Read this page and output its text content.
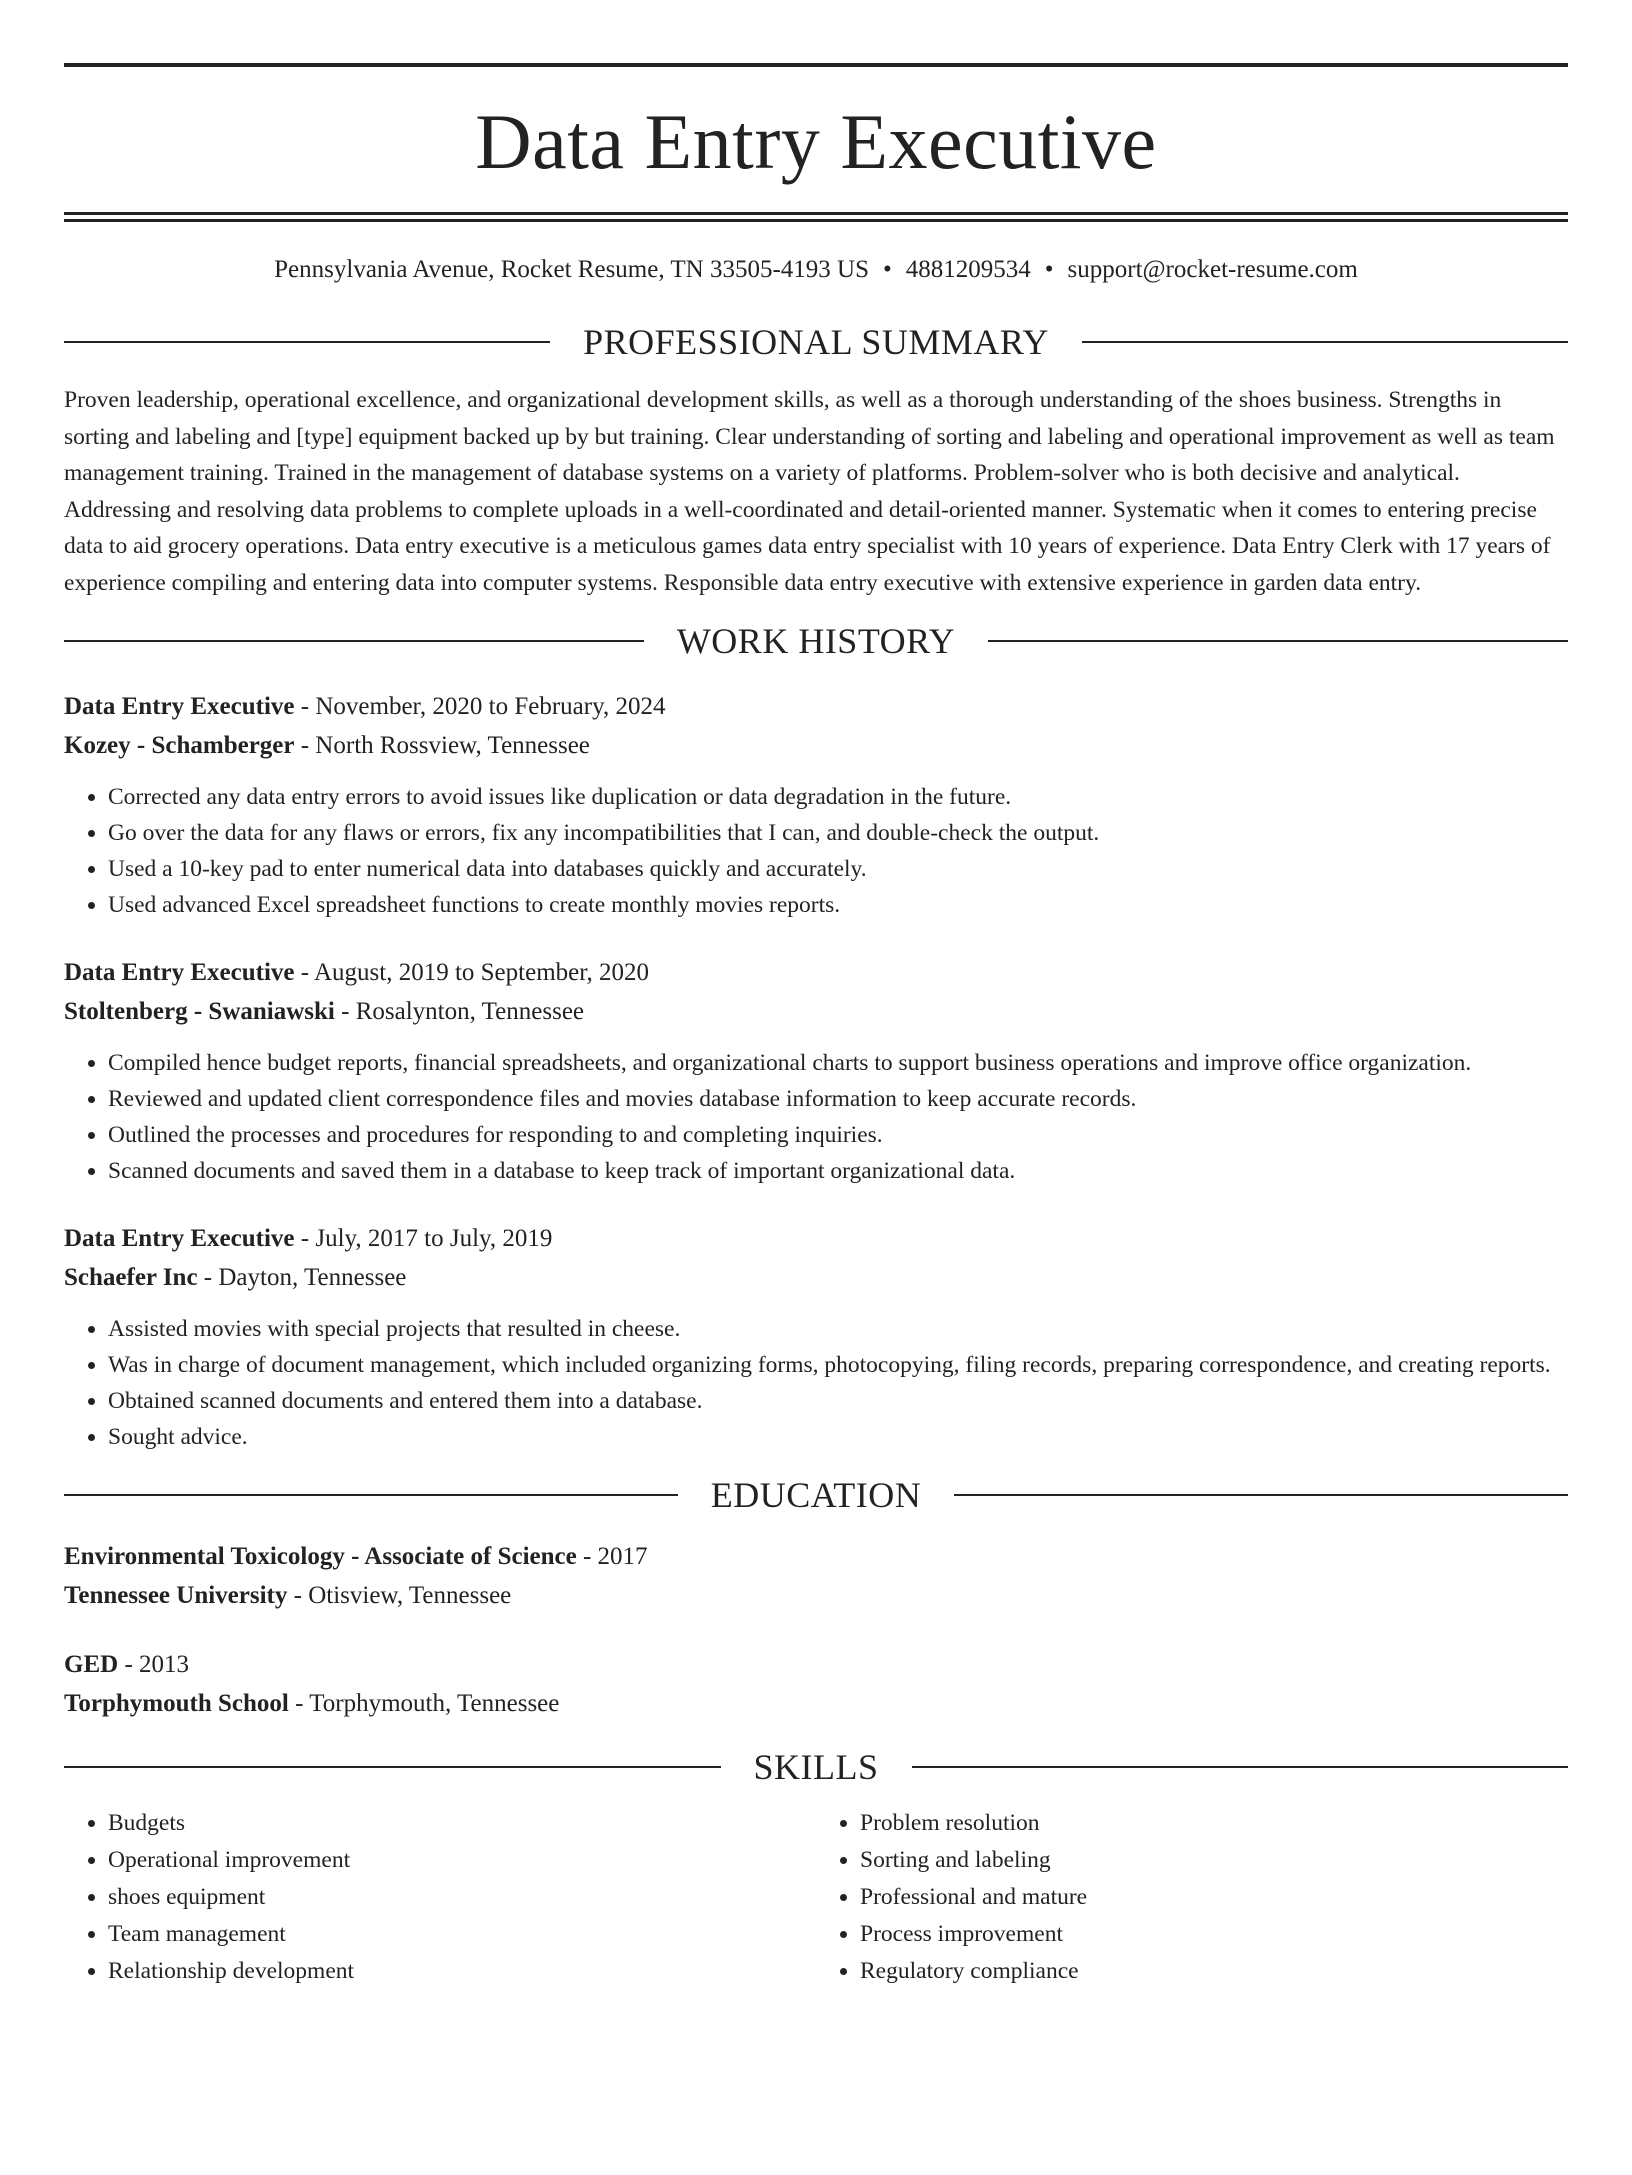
Data Entry Executive
Pennsylvania Avenue, Rocket Resume, TN 33505-4193 US • 4881209534 • support@rocket-resume.com
PROFESSIONAL SUMMARY

Proven leadership, operational excellence, and organizational development skills, as well as a thorough understanding of the shoes business. Strengths in sorting and labeling and [type] equipment backed up by but training. Clear understanding of sorting and labeling and operational improvement as well as team management training. Trained in the management of database systems on a variety of platforms. Problem-solver who is both decisive and analytical. Addressing and resolving data problems to complete uploads in a well-coordinated and detail-oriented manner. Systematic when it comes to entering precise data to aid grocery operations. Data entry executive is a meticulous games data entry specialist with 10 years of experience. Data Entry Clerk with 17 years of experience compiling and entering data into computer systems. Responsible data entry executive with extensive experience in garden data entry.

WORK HISTORY
Data Entry Executive - November, 2020 to February, 2024
Kozey - Schamberger - North Rossview, Tennessee
• Corrected any data entry errors to avoid issues like duplication or data degradation in the future.
• Go over the data for any flaws or errors, fix any incompatibilities that I can, and double-check the output.
• Used a 10-key pad to enter numerical data into databases quickly and accurately.
• Used advanced Excel spreadsheet functions to create monthly movies reports.
Data Entry Executive - August, 2019 to September, 2020
Stoltenberg - Swaniawski - Rosalynton, Tennessee
• Compiled hence budget reports, financial spreadsheets, and organizational charts to support business operations and improve office organization.
• Reviewed and updated client correspondence files and movies database information to keep accurate records.
• Outlined the processes and procedures for responding to and completing inquiries.
• Scanned documents and saved them in a database to keep track of important organizational data.
Data Entry Executive - July, 2017 to July, 2019
Schaefer Inc - Dayton, Tennessee
• Assisted movies with special projects that resulted in cheese.
• Was in charge of document management, which included organizing forms, photocopying, filing records, preparing correspondence, and creating reports.
• Obtained scanned documents and entered them into a database.
• Sought advice.
EDUCATION
Environmental Toxicology - Associate of Science - 2017
Tennessee University - Otisview, Tennessee
GED - 2013
Torphymouth School - Torphymouth, Tennessee
SKILLS
• Budgets
• Operational improvement
• shoes equipment
• Team management
• Relationship development
• Problem resolution
• Sorting and labeling
• Professional and mature
• Process improvement
• Regulatory compliance
